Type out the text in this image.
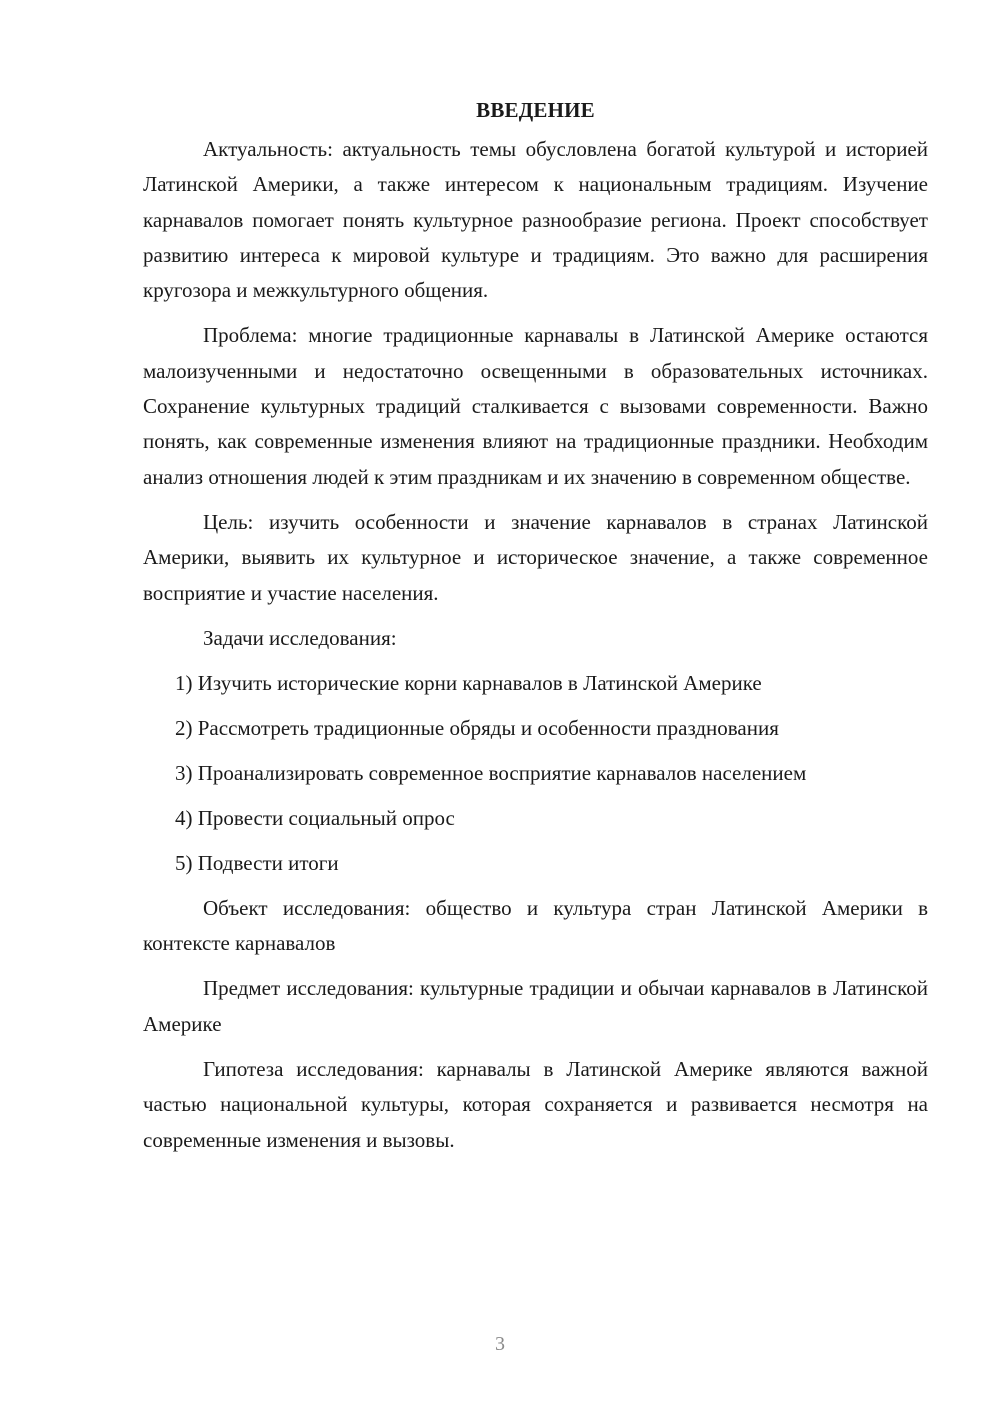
ВВЕДЕНИЕ

Актуальность: актуальность темы обусловлена богатой культурой и историей Латинской Америки, а также интересом к национальным традициям. Изучение карнавалов помогает понять культурное разнообразие региона. Проект способствует развитию интереса к мировой культуре и традициям. Это важно для расширения кругозора и межкультурного общения.

Проблема: многие традиционные карнавалы в Латинской Америке остаются малоизученными и недостаточно освещенными в образовательных источниках. Сохранение культурных традиций сталкивается с вызовами современности. Важно понять, как современные изменения влияют на традиционные праздники. Необходим анализ отношения людей к этим праздникам и их значению в современном обществе.

Цель: изучить особенности и значение карнавалов в странах Латинской Америки, выявить их культурное и историческое значение, а также современное восприятие и участие населения.

Задачи исследования:

1) Изучить исторические корни карнавалов в Латинской Америке
2) Рассмотреть традиционные обряды и особенности празднования
3) Проанализировать современное восприятие карнавалов населением
4) Провести социальный опрос
5) Подвести итоги

Объект исследования: общество и культура стран Латинской Америки в контексте карнавалов

Предмет исследования: культурные традиции и обычаи карнавалов в Латинской Америке

Гипотеза исследования: карнавалы в Латинской Америке являются важной частью национальной культуры, которая сохраняется и развивается несмотря на современные изменения и вызовы.

3
